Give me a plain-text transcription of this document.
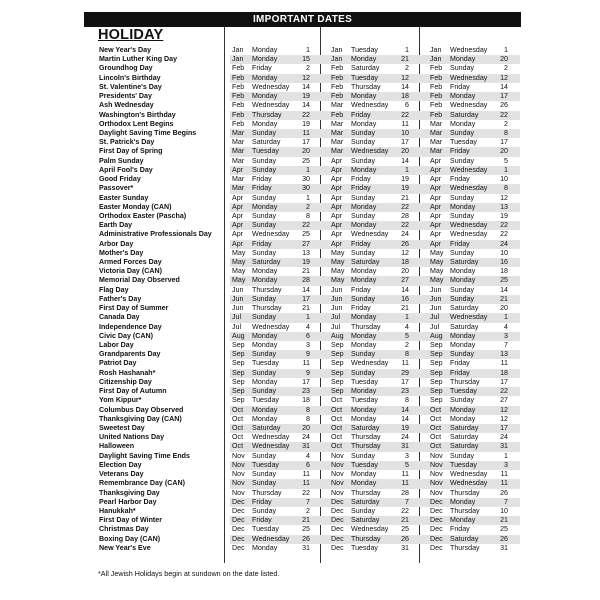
IMPORTANT DATES
HOLIDAY
New Year's Day	Jan Monday	1	Jan Tuesday	1	Jan Wednesday 1
Martin Luther King Day	Jan Monday	15	Jan Monday	21	Jan Monday	20
Groundhog Day	Feb Friday	2	Feb Saturday	2	Feb Sunday	2
Lincoln's Birthday	Feb Monday	12	Feb Tuesday	12	Feb Wednesday 12
St. Valentine's Day	Feb Wednesday 14	Feb Thursday	14	Feb Friday	14
Presidents' Day	Feb Monday	19	Feb Monday	18	Feb Monday	17
Ash Wednesday	Feb Wednesday 14	Mar Wednesday 6	Feb Wednesday 26
Washington's Birthday	Feb Thursday	22	Feb Friday	22	Feb Saturday	22
Orthodox Lent Begins	Feb Monday	19	Mar Monday	11	Mar Monday	2
Daylight Saving Time Begins	Mar Sunday	11	Mar Sunday	10	Mar Sunday	8
St. Patrick's Day	Mar Saturday	17	Mar Sunday	17	Mar Tuesday	17
First Day of Spring	Mar Tuesday	20	Mar Wednesday 20	Mar Friday	20
Palm Sunday	Mar Sunday	25	Apr Sunday	14	Apr Sunday	5
April Fool's Day	Apr Sunday	1	Apr Monday	1	Apr Wednesday 1
Good Friday	Mar Friday	30	Apr Friday	19	Apr Friday	10
Passover*	Mar Friday	30	Apr Friday	19	Apr Wednesday 8
Easter Sunday	Apr Sunday	1	Apr Sunday	21	Apr Sunday	12
Easter Monday (CAN)	Apr Monday	2	Apr Monday	22	Apr Monday	13
Orthodox Easter (Pascha)	Apr Sunday	8	Apr Sunday	28	Apr Sunday	19
Earth Day	Apr Sunday	22	Apr Monday	22	Apr Wednesday 22
Administrative Professionals Day	Apr Wednesday 25	Apr Wednesday 24	Apr Wednesday 22
Arbor Day	Apr Friday	27	Apr Friday	26	Apr Friday	24
Mother's Day	May Sunday	13	May Sunday	12	May Sunday	10
Armed Forces Day	May Saturday	19	May Saturday	18	May Saturday	16
Victoria Day (CAN)	May Monday	21	May Monday	20	May Monday	18
Memorial Day Observed	May Monday	28	May Monday	27	May Monday	25
Flag Day	Jun Thursday	14	Jun Friday	14	Jun Sunday	14
Father's Day	Jun Sunday	17	Jun Sunday	16	Jun Sunday	21
First Day of Summer	Jun Thursday	21	Jun Friday	21	Jun Saturday	20
Canada Day	Jul Sunday	1	Jul Monday	1	Jul Wednesday 1
Independence Day	Jul Wednesday 4	Jul Thursday	4	Jul Saturday	4
Civic Day (CAN)	Aug Monday	6	Aug Monday	5	Aug Monday	3
Labor Day	Sep Monday	3	Sep Monday	2	Sep Monday	7
Grandparents Day	Sep Sunday	9	Sep Sunday	8	Sep Sunday	13
Patriot Day	Sep Tuesday	11	Sep Wednesday 11	Sep Friday	11
Rosh Hashanah*	Sep Sunday	9	Sep Sunday	29	Sep Friday	18
Citizenship Day	Sep Monday	17	Sep Tuesday	17	Sep Thursday	17
First Day of Autumn	Sep Sunday	23	Sep Monday	23	Sep Tuesday	22
Yom Kippur*	Sep Tuesday	18	Oct Tuesday	8	Sep Sunday	27
Columbus Day Observed	Oct Monday	8	Oct Monday	14	Oct Monday	12
Thanksgiving Day (CAN)	Oct Monday	8	Oct Monday	14	Oct Monday	12
Sweetest Day	Oct Saturday	20	Oct Saturday	19	Oct Saturday	17
United Nations Day	Oct Wednesday 24	Oct Thursday	24	Oct Saturday	24
Halloween	Oct Wednesday 31	Oct Thursday	31	Oct Saturday	31
Daylight Saving Time Ends	Nov Sunday	4	Nov Sunday	3	Nov Sunday	1
Election Day	Nov Tuesday	6	Nov Tuesday	5	Nov Tuesday	3
Veterans Day	Nov Sunday	11	Nov Monday	11	Nov Wednesday 11
Remembrance Day (CAN)	Nov Sunday	11	Nov Monday	11	Nov Wednesday 11
Thanksgiving Day	Nov Thursday	22	Nov Thursday	28	Nov Thursday	26
Pearl Harbor Day	Dec Friday	7	Dec Saturday	7	Dec Monday	7
Hanukkah*	Dec Sunday	2	Dec Sunday	22	Dec Thursday	10
First Day of Winter	Dec Friday	21	Dec Saturday	21	Dec Monday	21
Christmas Day	Dec Tuesday	25	Dec Wednesday 25	Dec Friday	25
Boxing Day (CAN)	Dec Wednesday 26	Dec Thursday	26	Dec Saturday	26
New Year's Eve	Dec Monday	31	Dec Tuesday	31	Dec Thursday	31
*All Jewish Holidays begin at sundown on the date listed.
